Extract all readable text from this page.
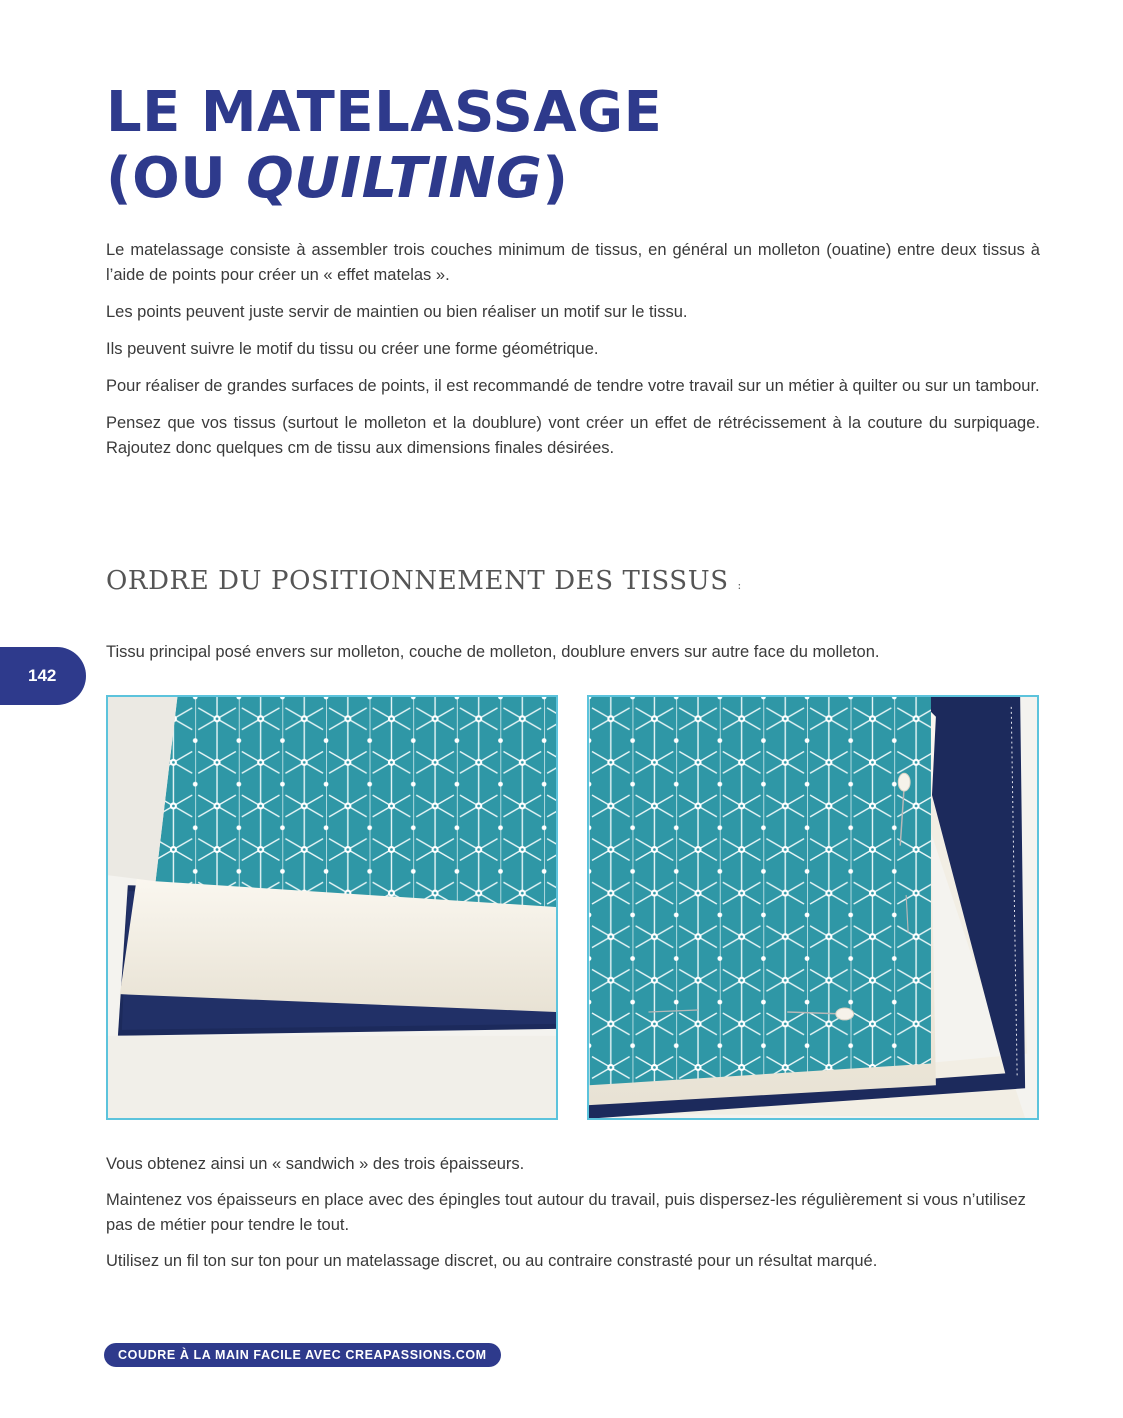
LE MATELASSAGE
(OU QUILTING)

Le matelassage consiste à assembler trois couches minimum de tissus, en général un molleton (ouatine) entre deux tissus à l’aide de points pour créer un « effet matelas ».

Les points peuvent juste servir de maintien ou bien réaliser un motif sur le tissu.

Ils peuvent suivre le motif du tissu ou créer une forme géométrique.

Pour réaliser de grandes surfaces de points, il est recommandé de tendre votre travail sur un métier à quilter ou sur un tambour.

Pensez que vos tissus (surtout le molleton et la doublure) vont créer un effet de rétrécissement à la couture du surpiquage. Rajoutez donc quelques cm de tissu aux dimensions finales désirées.

ORDRE DU POSITIONNEMENT DES TISSUS :

Tissu principal posé envers sur molleton, couche de molleton, doublure envers sur autre face du molleton.

142

Vous obtenez ainsi un « sandwich » des trois épaisseurs.

Maintenez vos épaisseurs en place avec des épingles tout autour du travail, puis dispersez-les régulièrement si vous n’utilisez pas de métier pour tendre le tout.

Utilisez un fil ton sur ton pour un matelassage discret, ou au contraire constrasté pour un résultat marqué.

COUDRE À LA MAIN FACILE AVEC CREAPASSIONS.COM
